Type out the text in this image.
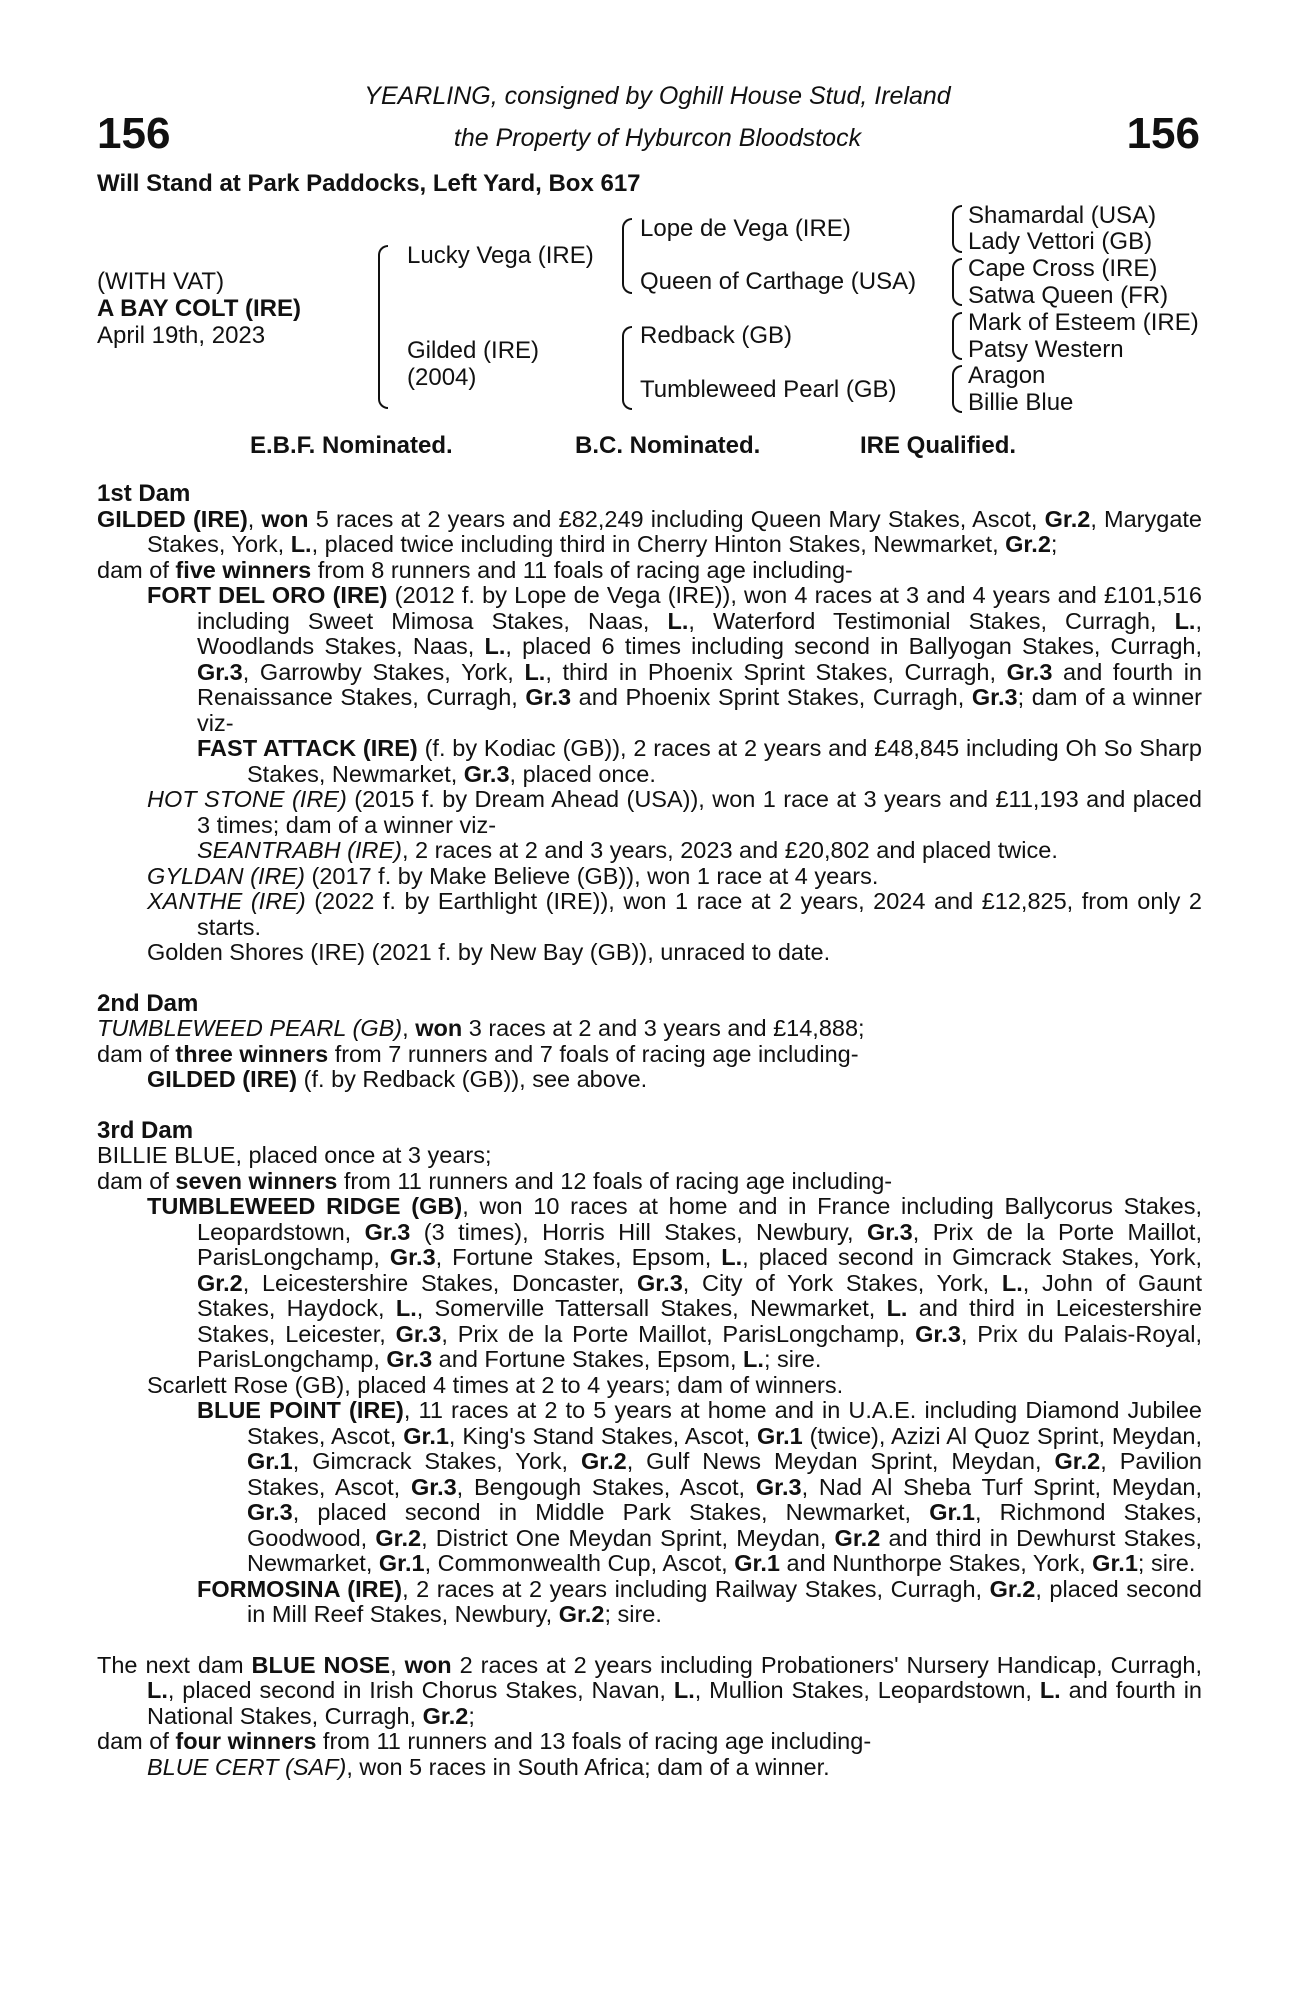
156	156
YEARLING, consigned by Oghill House Stud, Ireland
the Property of Hyburcon Bloodstock
Will Stand at Park Paddocks, Left Yard, Box 617
(WITH VAT)
A BAY COLT (IRE)
April 19th, 2023
Lucky Vega (IRE)
Gilded (IRE)
(2004)
Lope de Vega (IRE)
Queen of Carthage (USA)
Redback (GB)
Tumbleweed Pearl (GB)
Shamardal (USA)
Lady Vettori (GB)
Cape Cross (IRE)
Satwa Queen (FR)
Mark of Esteem (IRE)
Patsy Western
Aragon
Billie Blue
E.B.F. Nominated.	B.C. Nominated.	IRE Qualified.
1st Dam

GILDED (IRE), won 5 races at 2 years and £82,249 including Queen Mary Stakes, Ascot, Gr.2, Marygate Stakes, York, L., placed twice including third in Cherry Hinton Stakes, Newmarket, Gr.2;

dam of five winners from 8 runners and 11 foals of racing age including-

FORT DEL ORO (IRE) (2012 f. by Lope de Vega (IRE)), won 4 races at 3 and 4 years and £101,516 including Sweet Mimosa Stakes, Naas, L., Waterford Testimonial Stakes, Curragh, L., Woodlands Stakes, Naas, L., placed 6 times including second in Ballyogan Stakes, Curragh, Gr.3, Garrowby Stakes, York, L., third in Phoenix Sprint Stakes, Curragh, Gr.3 and fourth in Renaissance Stakes, Curragh, Gr.3 and Phoenix Sprint Stakes, Curragh, Gr.3; dam of a winner viz-

FAST ATTACK (IRE) (f. by Kodiac (GB)), 2 races at 2 years and £48,845 including Oh So Sharp Stakes, Newmarket, Gr.3, placed once.

HOT STONE (IRE) (2015 f. by Dream Ahead (USA)), won 1 race at 3 years and £11,193 and placed 3 times; dam of a winner viz-

SEANTRABH (IRE), 2 races at 2 and 3 years, 2023 and £20,802 and placed twice.

GYLDAN (IRE) (2017 f. by Make Believe (GB)), won 1 race at 4 years.

XANTHE (IRE) (2022 f. by Earthlight (IRE)), won 1 race at 2 years, 2024 and £12,825, from only 2 starts.

Golden Shores (IRE) (2021 f. by New Bay (GB)), unraced to date.

2nd Dam

TUMBLEWEED PEARL (GB), won 3 races at 2 and 3 years and £14,888;

dam of three winners from 7 runners and 7 foals of racing age including-

GILDED (IRE) (f. by Redback (GB)), see above.

3rd Dam

BILLIE BLUE, placed once at 3 years;

dam of seven winners from 11 runners and 12 foals of racing age including-

TUMBLEWEED RIDGE (GB), won 10 races at home and in France including Ballycorus Stakes, Leopardstown, Gr.3 (3 times), Horris Hill Stakes, Newbury, Gr.3, Prix de la Porte Maillot, ParisLongchamp, Gr.3, Fortune Stakes, Epsom, L., placed second in Gimcrack Stakes, York, Gr.2, Leicestershire Stakes, Doncaster, Gr.3, City of York Stakes, York, L., John of Gaunt Stakes, Haydock, L., Somerville Tattersall Stakes, Newmarket, L. and third in Leicestershire Stakes, Leicester, Gr.3, Prix de la Porte Maillot, ParisLongchamp, Gr.3, Prix du Palais-Royal, ParisLongchamp, Gr.3 and Fortune Stakes, Epsom, L.; sire.

Scarlett Rose (GB), placed 4 times at 2 to 4 years; dam of winners.

BLUE POINT (IRE), 11 races at 2 to 5 years at home and in U.A.E. including Diamond Jubilee Stakes, Ascot, Gr.1, King's Stand Stakes, Ascot, Gr.1 (twice), Azizi Al Quoz Sprint, Meydan, Gr.1, Gimcrack Stakes, York, Gr.2, Gulf News Meydan Sprint, Meydan, Gr.2, Pavilion Stakes, Ascot, Gr.3, Bengough Stakes, Ascot, Gr.3, Nad Al Sheba Turf Sprint, Meydan, Gr.3, placed second in Middle Park Stakes, Newmarket, Gr.1, Richmond Stakes, Goodwood, Gr.2, District One Meydan Sprint, Meydan, Gr.2 and third in Dewhurst Stakes, Newmarket, Gr.1, Commonwealth Cup, Ascot, Gr.1 and Nunthorpe Stakes, York, Gr.1; sire.

FORMOSINA (IRE), 2 races at 2 years including Railway Stakes, Curragh, Gr.2, placed second in Mill Reef Stakes, Newbury, Gr.2; sire.

The next dam BLUE NOSE, won 2 races at 2 years including Probationers' Nursery Handicap, Curragh, L., placed second in Irish Chorus Stakes, Navan, L., Mullion Stakes, Leopardstown, L. and fourth in National Stakes, Curragh, Gr.2;

dam of four winners from 11 runners and 13 foals of racing age including-

BLUE CERT (SAF), won 5 races in South Africa; dam of a winner.
